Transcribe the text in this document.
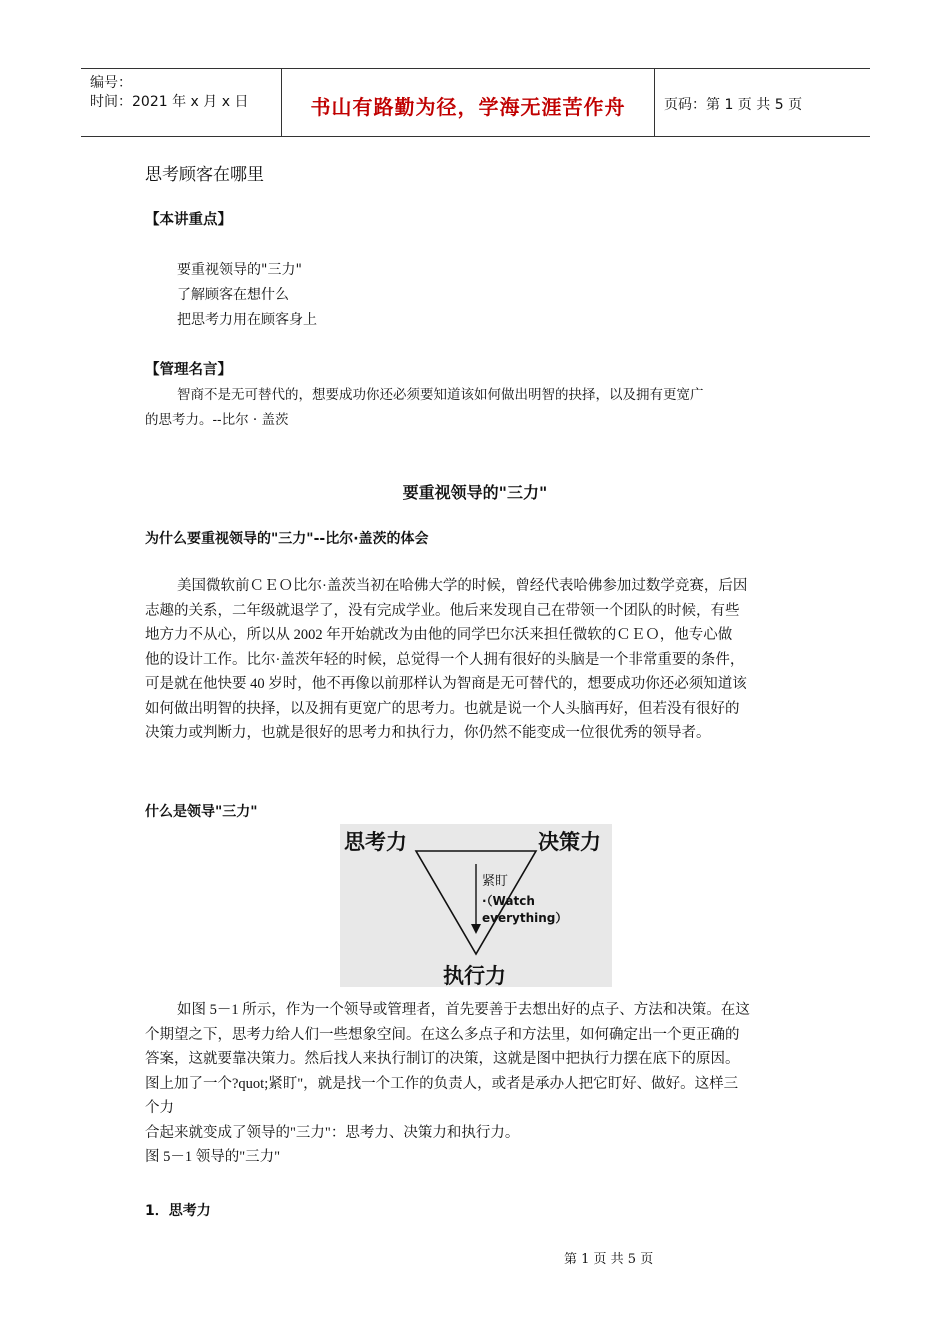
编号：
时间：2021 年 x 月 x 日	书山有路勤为径，学海无涯苦作舟	页码：第 1 页 共 5 页
思考顾客在哪里
【本讲重点】
要重视领导的"三力"
了解顾客在想什么
把思考力用在顾客身上
【管理名言】
智商不是无可替代的，想要成功你还必须要知道该如何做出明智的抉择，以及拥有更宽广
的思考力。--比尔 · 盖茨
要重视领导的"三力"
为什么要重视领导的"三力"--比尔·盖茨的体会
美国微软前ＣＥＯ比尔·盖茨当初在哈佛大学的时候，曾经代表哈佛参加过数学竞赛，后因
志趣的关系，二年级就退学了，没有完成学业。他后来发现自己在带领一个团队的时候，有些
地方力不从心，所以从 2002 年开始就改为由他的同学巴尔沃来担任微软的ＣＥＯ，他专心做
他的设计工作。比尔·盖茨年轻的时候，总觉得一个人拥有很好的头脑是一个非常重要的条件，
可是就在他快要 40 岁时，他不再像以前那样认为智商是无可替代的，想要成功你还必须知道该
如何做出明智的抉择，以及拥有更宽广的思考力。也就是说一个人头脑再好，但若没有很好的
决策力或判断力，也就是很好的思考力和执行力，你仍然不能变成一位很优秀的领导者。
什么是领导"三力"
思考力	决策力
执行力
紧盯
·（Watch everything）
如图 5－1 所示，作为一个领导或管理者，首先要善于去想出好的点子、方法和决策。在这
个期望之下，思考力给人们一些想象空间。在这么多点子和方法里，如何确定出一个更正确的
答案，这就要靠决策力。然后找人来执行制订的决策，这就是图中把执行力摆在底下的原因。
图上加了一个?quot;紧盯"，就是找一个工作的负责人，或者是承办人把它盯好、做好。这样三
个力
合起来就变成了领导的"三力"：思考力、决策力和执行力。
图 5－1 领导的"三力"
1．思考力
第 1 页 共 5 页
